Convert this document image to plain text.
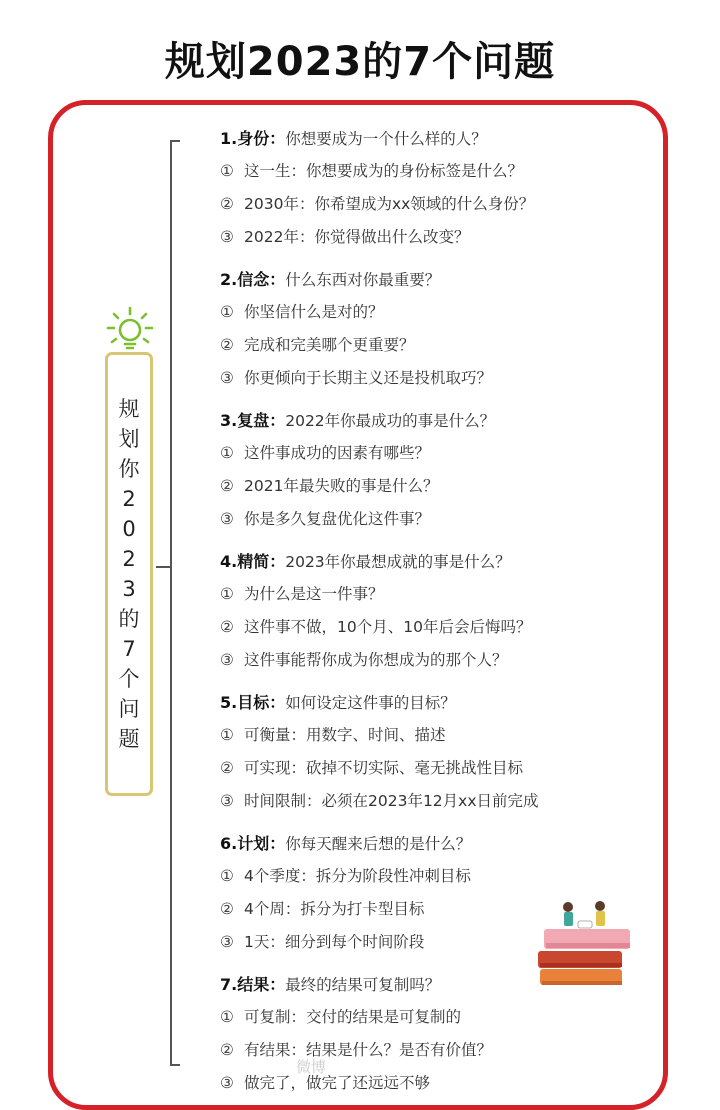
规划2023的7个问题
规
划
你
2
0
2
3
的
7
个
问
题
1.身份：你想要成为一个什么样的人？
① 这一生：你想要成为的身份标签是什么？
② 2030年：你希望成为xx领域的什么身份？
③ 2022年：你觉得做出什么改变？
2.信念：什么东西对你最重要？
① 你坚信什么是对的？
② 完成和完美哪个更重要？
③ 你更倾向于长期主义还是投机取巧？
3.复盘：2022年你最成功的事是什么？
① 这件事成功的因素有哪些？
② 2021年最失败的事是什么？
③ 你是多久复盘优化这件事？
4.精简：2023年你最想成就的事是什么？
① 为什么是这一件事？
② 这件事不做，10个月、10年后会后悔吗？
③ 这件事能帮你成为你想成为的那个人？
5.目标：如何设定这件事的目标？
① 可衡量：用数字、时间、描述
② 可实现：砍掉不切实际、毫无挑战性目标
③ 时间限制：必须在2023年12月xx日前完成
6.计划：你每天醒来后想的是什么？
① 4个季度：拆分为阶段性冲刺目标
② 4个周：拆分为打卡型目标
③ 1天：细分到每个时间阶段
7.结果：最终的结果可复制吗？
① 可复制：交付的结果是可复制的
② 有结果：结果是什么？是否有价值？
③ 做完了，做完了还远远不够
微博
